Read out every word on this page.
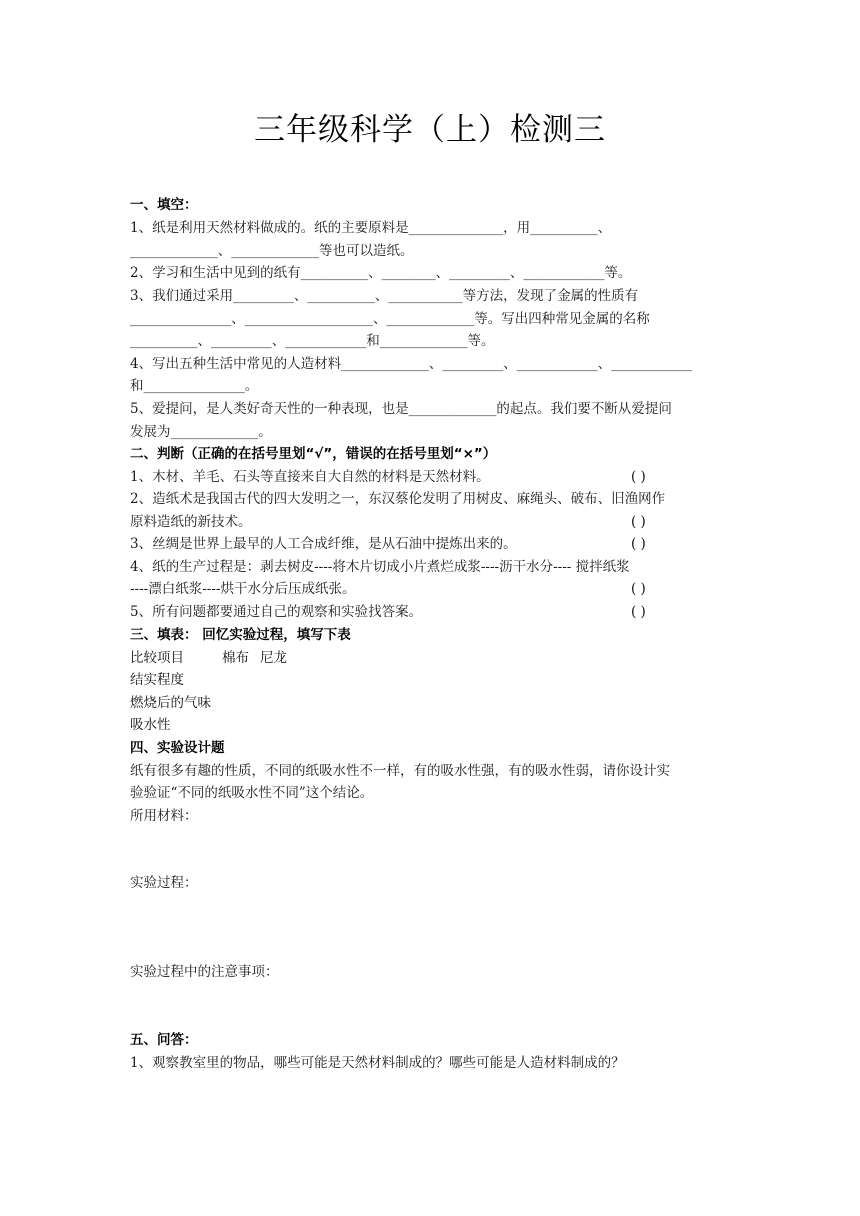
三年级科学（上）检测三
一、填空：
1、纸是利用天然材料做成的。纸的主要原料是______________，用__________、
_____________、_____________等也可以造纸。
2、学习和生活中见到的纸有__________、________、_________、____________等。
3、我们通过采用_________、__________、___________等方法，发现了金属的性质有
_______________、___________________、_____________等。写出四种常见金属的名称
__________、_________、____________和_____________等。
4、写出五种生活中常见的人造材料_____________、_________、____________、____________
和_______________。
5、爱提问，是人类好奇天性的一种表现，也是_____________的起点。我们要不断从爱提问
发展为_____________。
二、判断（正确的在括号里划“√”，错误的在括号里划“×”）
1、木材、羊毛、石头等直接来自大自然的材料是天然材料。	( )
2、造纸术是我国古代的四大发明之一，东汉蔡伦发明了用树皮、麻绳头、破布、旧渔网作
原料造纸的新技术。	( )
3、丝绸是世界上最早的人工合成纤维，是从石油中提炼出来的。	( )
4、纸的生产过程是：剥去树皮----将木片切成小片煮烂成浆----沥干水分---- 搅拌纸浆
----漂白纸浆----烘干水分后压成纸张。	( )
5、所有问题都要通过自己的观察和实验找答案。	( )
三、填表： 回忆实验过程，填写下表
比较项目	棉布 尼龙
结实程度
燃烧后的气味
吸水性
四、实验设计题
纸有很多有趣的性质，不同的纸吸水性不一样，有的吸水性强，有的吸水性弱，请你设计实
验验证“不同的纸吸水性不同”这个结论。
所用材料：
实验过程：
实验过程中的注意事项：
五、问答：
1、观察教室里的物品，哪些可能是天然材料制成的？哪些可能是人造材料制成的？
